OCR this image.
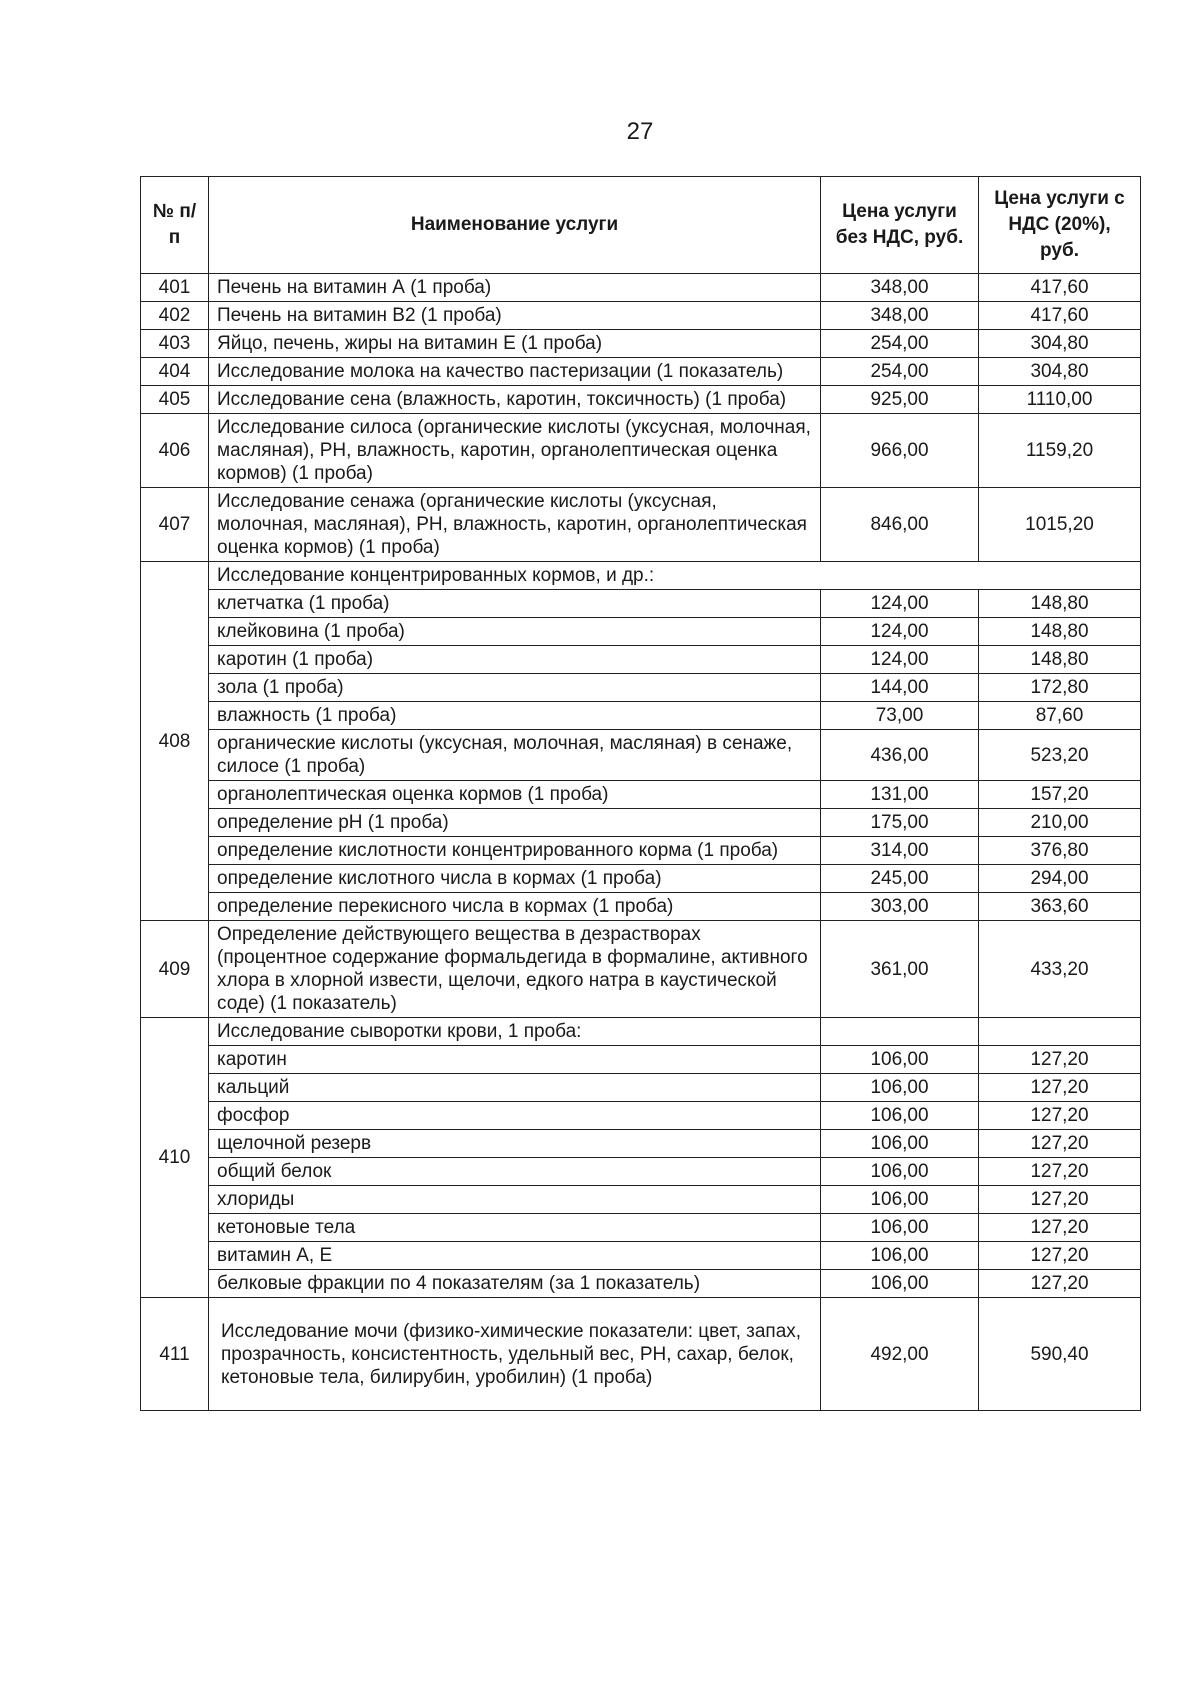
27
№ п/п	Наименование услуги	Цена услуги без НДС, руб.	Цена услуги с НДС (20%), руб.
401	Печень на витамин А (1 проба)	348,00	417,60
402	Печень на витамин В2 (1 проба)	348,00	417,60
403	Яйцо, печень, жиры на витамин Е (1 проба)	254,00	304,80
404	Исследование молока на качество пастеризации (1 показатель)	254,00	304,80
405	Исследование сена (влажность, каротин, токсичность) (1 проба)	925,00	1110,00
406	Исследование силоса (органические кислоты (уксусная, молочная, масляная), PH, влажность, каротин, органолептическая оценка кормов) (1 проба)	966,00	1159,20
407	Исследование сенажа (органические кислоты (уксусная, молочная, масляная), PH, влажность, каротин, органолептическая оценка кормов) (1 проба)	846,00	1015,20
408	Исследование концентрированных кормов, и др.:		
	клетчатка (1 проба)	124,00	148,80
	клейковина (1 проба)	124,00	148,80
	каротин (1 проба)	124,00	148,80
	зола (1 проба)	144,00	172,80
	влажность (1 проба)	73,00	87,60
	органические кислоты (уксусная, молочная, масляная) в сенаже, силосе (1 проба)	436,00	523,20
	органолептическая оценка кормов (1 проба)	131,00	157,20
	определение pH (1 проба)	175,00	210,00
	определение кислотности концентрированного корма (1 проба)	314,00	376,80
	определение кислотного числа в кормах (1 проба)	245,00	294,00
	определение перекисного числа в кормах (1 проба)	303,00	363,60
409	Определение действующего вещества в дезрастворах (процентное содержание формальдегида в формалине, активного хлора в хлорной извести, щелочи, едкого натра в каустической соде) (1 показатель)	361,00	433,20
410	Исследование сыворотки крови, 1 проба:		
	каротин	106,00	127,20
	кальций	106,00	127,20
	фосфор	106,00	127,20
	щелочной резерв	106,00	127,20
	общий белок	106,00	127,20
	хлориды	106,00	127,20
	кетоновые тела	106,00	127,20
	витамин А, Е	106,00	127,20
	белковые фракции по 4 показателям (за 1 показатель)	106,00	127,20
411	Исследование мочи (физико-химические показатели: цвет, запах, прозрачность, консистентность, удельный вес, PH, сахар, белок, кетоновые тела, билирубин, уробилин) (1 проба)	492,00	590,40
